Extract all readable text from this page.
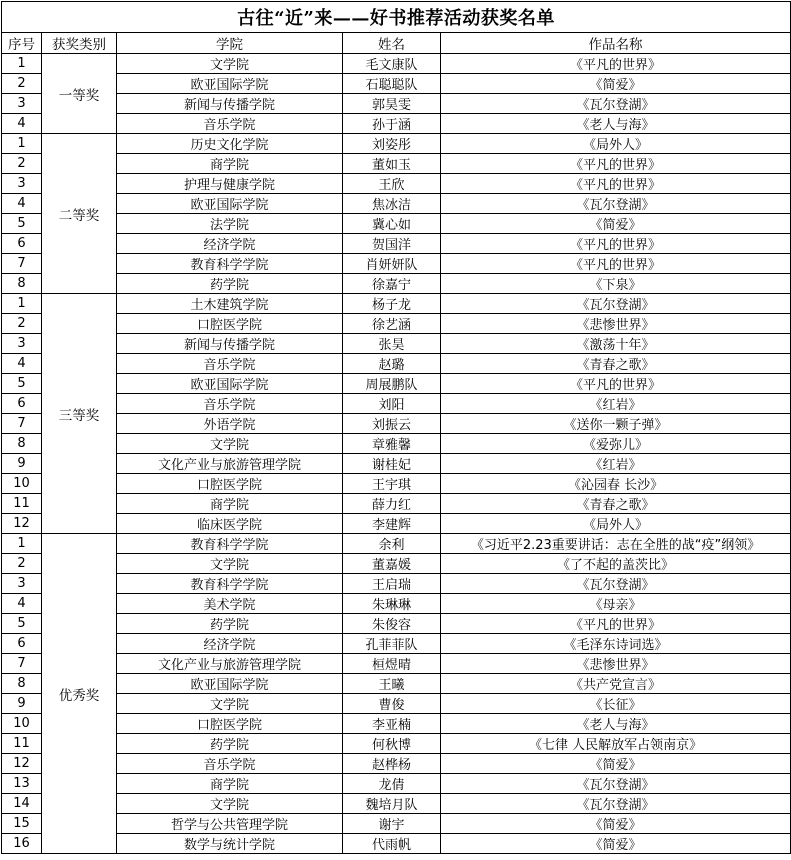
古往“近”来——好书推荐活动获奖名单				
序号	获奖类别	学院	姓名	作品名称
1	一等奖	文学院	毛文康队	《平凡的世界》
2		欧亚国际学院	石聪聪队	《简爱》
3		新闻与传播学院	郭昊雯	《瓦尔登湖》
4		音乐学院	孙于涵	《老人与海》
1	二等奖	历史文化学院	刘姿彤	《局外人》
2		商学院	董如玉	《平凡的世界》
3		护理与健康学院	王欣	《平凡的世界》
4		欧亚国际学院	焦冰洁	《瓦尔登湖》
5		法学院	冀心如	《简爱》
6		经济学院	贺国洋	《平凡的世界》
7		教育科学学院	肖妍妍队	《平凡的世界》
8		药学院	徐嘉宁	《下泉》
1	三等奖	土木建筑学院	杨子龙	《瓦尔登湖》
2		口腔医学院	徐艺涵	《悲惨世界》
3		新闻与传播学院	张昊	《激荡十年》
4		音乐学院	赵璐	《青春之歌》
5		欧亚国际学院	周展鹏队	《平凡的世界》
6		音乐学院	刘阳	《红岩》
7		外语学院	刘振云	《送你一颗子弹》
8		文学院	章雅馨	《爱弥儿》
9		文化产业与旅游管理学院	谢桂妃	《红岩》
10		口腔医学院	王宇琪	《沁园春 长沙》
11		商学院	薛力红	《青春之歌》
12		临床医学院	李建辉	《局外人》
1	优秀奖	教育科学学院	余利	《习近平2.23重要讲话：志在全胜的战“疫”纲领》
2		文学院	董嘉媛	《了不起的盖茨比》
3		教育科学学院	王启瑞	《瓦尔登湖》
4		美术学院	朱琳琳	《母亲》
5		药学院	朱俊容	《平凡的世界》
6		经济学院	孔菲菲队	《毛泽东诗词选》
7		文化产业与旅游管理学院	桓煜晴	《悲惨世界》
8		欧亚国际学院	王曦	《共产党宣言》
9		文学院	曹俊	《长征》
10		口腔医学院	李亚楠	《老人与海》
11		药学院	何秋博	《七律 人民解放军占领南京》
12		音乐学院	赵桦杨	《简爱》
13		商学院	龙倩	《瓦尔登湖》
14		文学院	魏培月队	《瓦尔登湖》
15		哲学与公共管理学院	谢宇	《简爱》
16		数学与统计学院	代雨帆	《简爱》
